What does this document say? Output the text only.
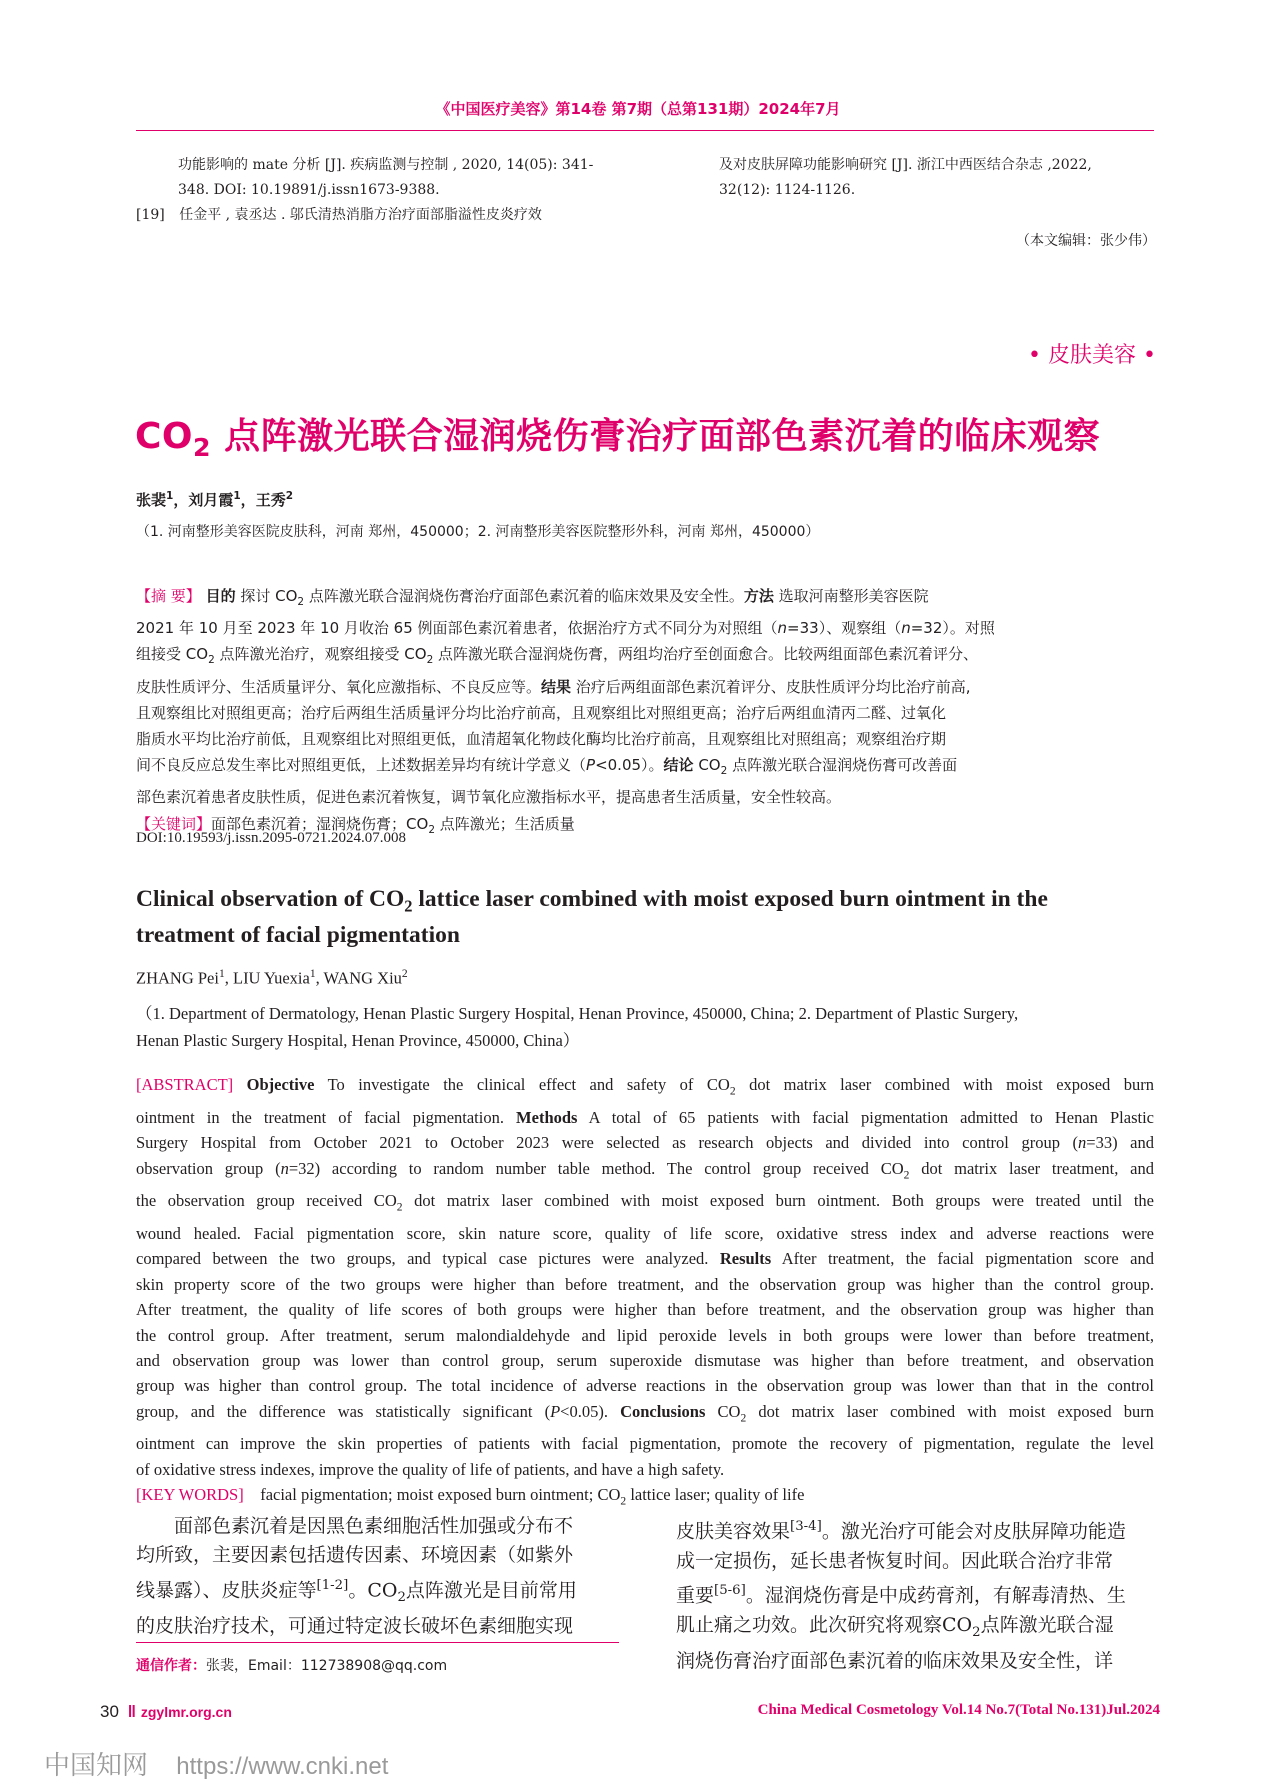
《中国医疗美容》第14卷 第7期（总第131期）2024年7月
功能影响的 mate 分析 [J]. 疾病监测与控制 , 2020, 14(05): 341-
348. DOI: 10.19891/j.issn1673-9388.
[19] 任金平 , 袁丞达 . 邬氏清热消脂方治疗面部脂溢性皮炎疗效
及对皮肤屏障功能影响研究 [J]. 浙江中西医结合杂志 ,2022,
32(12): 1124-1126.
（本文编辑：张少伟）
• 皮肤美容 •
$CO_2$ 点阵激光联合湿润烧伤膏治疗面部色素沉着的临床观察
张裴$^1$，刘月霞$^1$，王秀$^2$
（1. 河南整形美容医院皮肤科，河南 郑州，450000；2. 河南整形美容医院整形外科，河南 郑州，450000）
【摘 要】 目的 探讨 $CO_2$ 点阵激光联合湿润烧伤膏治疗面部色素沉着的临床效果及安全性。方法 选取河南整形美容医院
2021 年 10 月至 2023 年 10 月收治 65 例面部色素沉着患者，依据治疗方式不同分为对照组（n=33）、观察组（n=32）。对照
组接受 $CO_2$ 点阵激光治疗，观察组接受 $CO_2$ 点阵激光联合湿润烧伤膏，两组均治疗至创面愈合。比较两组面部色素沉着评分、
皮肤性质评分、生活质量评分、氧化应激指标、不良反应等。结果 治疗后两组面部色素沉着评分、皮肤性质评分均比治疗前高,
且观察组比对照组更高；治疗后两组生活质量评分均比治疗前高，且观察组比对照组更高；治疗后两组血清丙二醛、过氧化
脂质水平均比治疗前低，且观察组比对照组更低，血清超氧化物歧化酶均比治疗前高，且观察组比对照组高；观察组治疗期
间不良反应总发生率比对照组更低，上述数据差异均有统计学意义（P<0.05）。结论 $CO_2$ 点阵激光联合湿润烧伤膏可改善面
部色素沉着患者皮肤性质，促进色素沉着恢复，调节氧化应激指标水平，提高患者生活质量，安全性较高。
【关键词】面部色素沉着；湿润烧伤膏；$CO_2$ 点阵激光；生活质量
DOI:10.19593/j.issn.2095-0721.2024.07.008
Clinical observation of $CO_2$ lattice laser combined with moist exposed burn ointment in the
treatment of facial pigmentation
ZHANG Pei$^1$, LIU Yuexia$^1$, WANG Xiu$^2$
（1. Department of Dermatology, Henan Plastic Surgery Hospital, Henan Province, 450000, China; 2. Department of Plastic Surgery,
Henan Plastic Surgery Hospital, Henan Province, 450000, China）
[ABSTRACT] Objective To investigate the clinical effect and safety of $CO_2$ dot matrix laser combined with moist exposed burn
ointment in the treatment of facial pigmentation. Methods A total of 65 patients with facial pigmentation admitted to Henan Plastic
Surgery Hospital from October 2021 to October 2023 were selected as research objects and divided into control group (n=33) and
observation group (n=32) according to random number table method. The control group received $CO_2$ dot matrix laser treatment, and
the observation group received $CO_2$ dot matrix laser combined with moist exposed burn ointment. Both groups were treated until the
wound healed. Facial pigmentation score, skin nature score, quality of life score, oxidative stress index and adverse reactions were
compared between the two groups, and typical case pictures were analyzed. Results After treatment, the facial pigmentation score and
skin property score of the two groups were higher than before treatment, and the observation group was higher than the control group.
After treatment, the quality of life scores of both groups were higher than before treatment, and the observation group was higher than
the control group. After treatment, serum malondialdehyde and lipid peroxide levels in both groups were lower than before treatment,
and observation group was lower than control group, serum superoxide dismutase was higher than before treatment, and observation
group was higher than control group. The total incidence of adverse reactions in the observation group was lower than that in the control
group, and the difference was statistically significant (P<0.05). Conclusions $CO_2$ dot matrix laser combined with moist exposed burn
ointment can improve the skin properties of patients with facial pigmentation, promote the recovery of pigmentation, regulate the level
of oxidative stress indexes, improve the quality of life of patients, and have a high safety.
[KEY WORDS]    facial pigmentation; moist exposed burn ointment; $CO_2$ lattice laser; quality of life
面部色素沉着是因黑色素细胞活性加强或分布不
均所致，主要因素包括遗传因素、环境因素（如紫外
线暴露）、皮肤炎症等[1-2]。$CO_2$点阵激光是目前常用
的皮肤治疗技术，可通过特定波长破坏色素细胞实现
皮肤美容效果[3-4]。激光治疗可能会对皮肤屏障功能造
成一定损伤，延长患者恢复时间。因此联合治疗非常
重要[5-6]。湿润烧伤膏是中成药膏剂，有解毒清热、生
肌止痛之功效。此次研究将观察$CO_2$点阵激光联合湿
润烧伤膏治疗面部色素沉着的临床效果及安全性，详
通信作者：张裴，Email：112738908@qq.com
30 ‖ zgylmr.org.cn	China Medical Cosmetology Vol.14 No.7(Total No.131)Jul.2024
中国知网 https://www.cnki.net
